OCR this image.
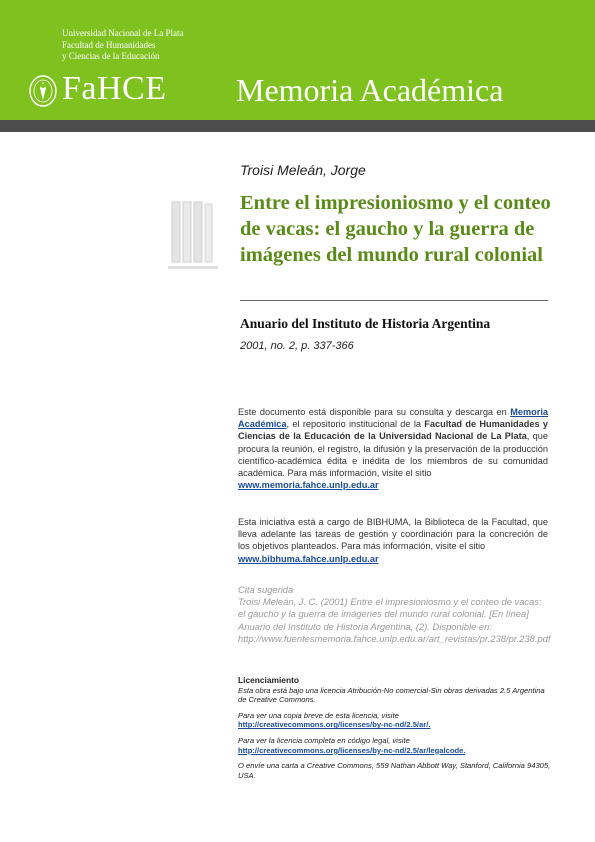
Universidad Nacional de La Plata
Facultad de Humanidades
y Ciencias de la Educación
FaHCE Memoria Académica
Troisi Meleán, Jorge
Entre el impresioniosmo y el conteo de vacas: el gaucho y la guerra de imágenes del mundo rural colonial
Anuario del Instituto de Historia Argentina
2001, no. 2, p. 337-366
Este documento está disponible para su consulta y descarga en Memoria Académica, el repositorio institucional de la Facultad de Humanidades y Ciencias de la Educación de la Universidad Nacional de La Plata, que procura la reunión, el registro, la difusión y la preservación de la producción científico-académica édita e inédita de los miembros de su comunidad académica. Para más información, visite el sitio
www.memoria.fahce.unlp.edu.ar
Esta iniciativa está a cargo de BIBHUMA, la Biblioteca de la Facultad, que lleva adelante las tareas de gestión y coordinación para la concreción de los objetivos planteados. Para más información, visite el sitio
www.bibhuma.fahce.unlp.edu.ar
Cita sugerida
Troisi Meleán, J. C. (2001) Entre el impresioniosmo y el conteo de vacas: el gaucho y la guerra de imágenes del mundo rural colonial. [En línea] Anuario del Instituto de Historia Argentina, (2). Disponible en: http://www.fuentesmemoria.fahce.unlp.edu.ar/art_revistas/pr.238/pr.238.pdf
Licenciamiento

Esta obra está bajo una licencia Atribución-No comercial-Sin obras derivadas 2.5 Argentina de Creative Commons.

Para ver una copia breve de esta licencia, visite
http://creativecommons.org/licenses/by-nc-nd/2.5/ar/.

Para ver la licencia completa en código legal, visite
http://creativecommons.org/licenses/by-nc-nd/2.5/ar/legalcode.

O envíe una carta a Creative Commons, 559 Nathan Abbott Way, Stanford, California 94305, USA.
